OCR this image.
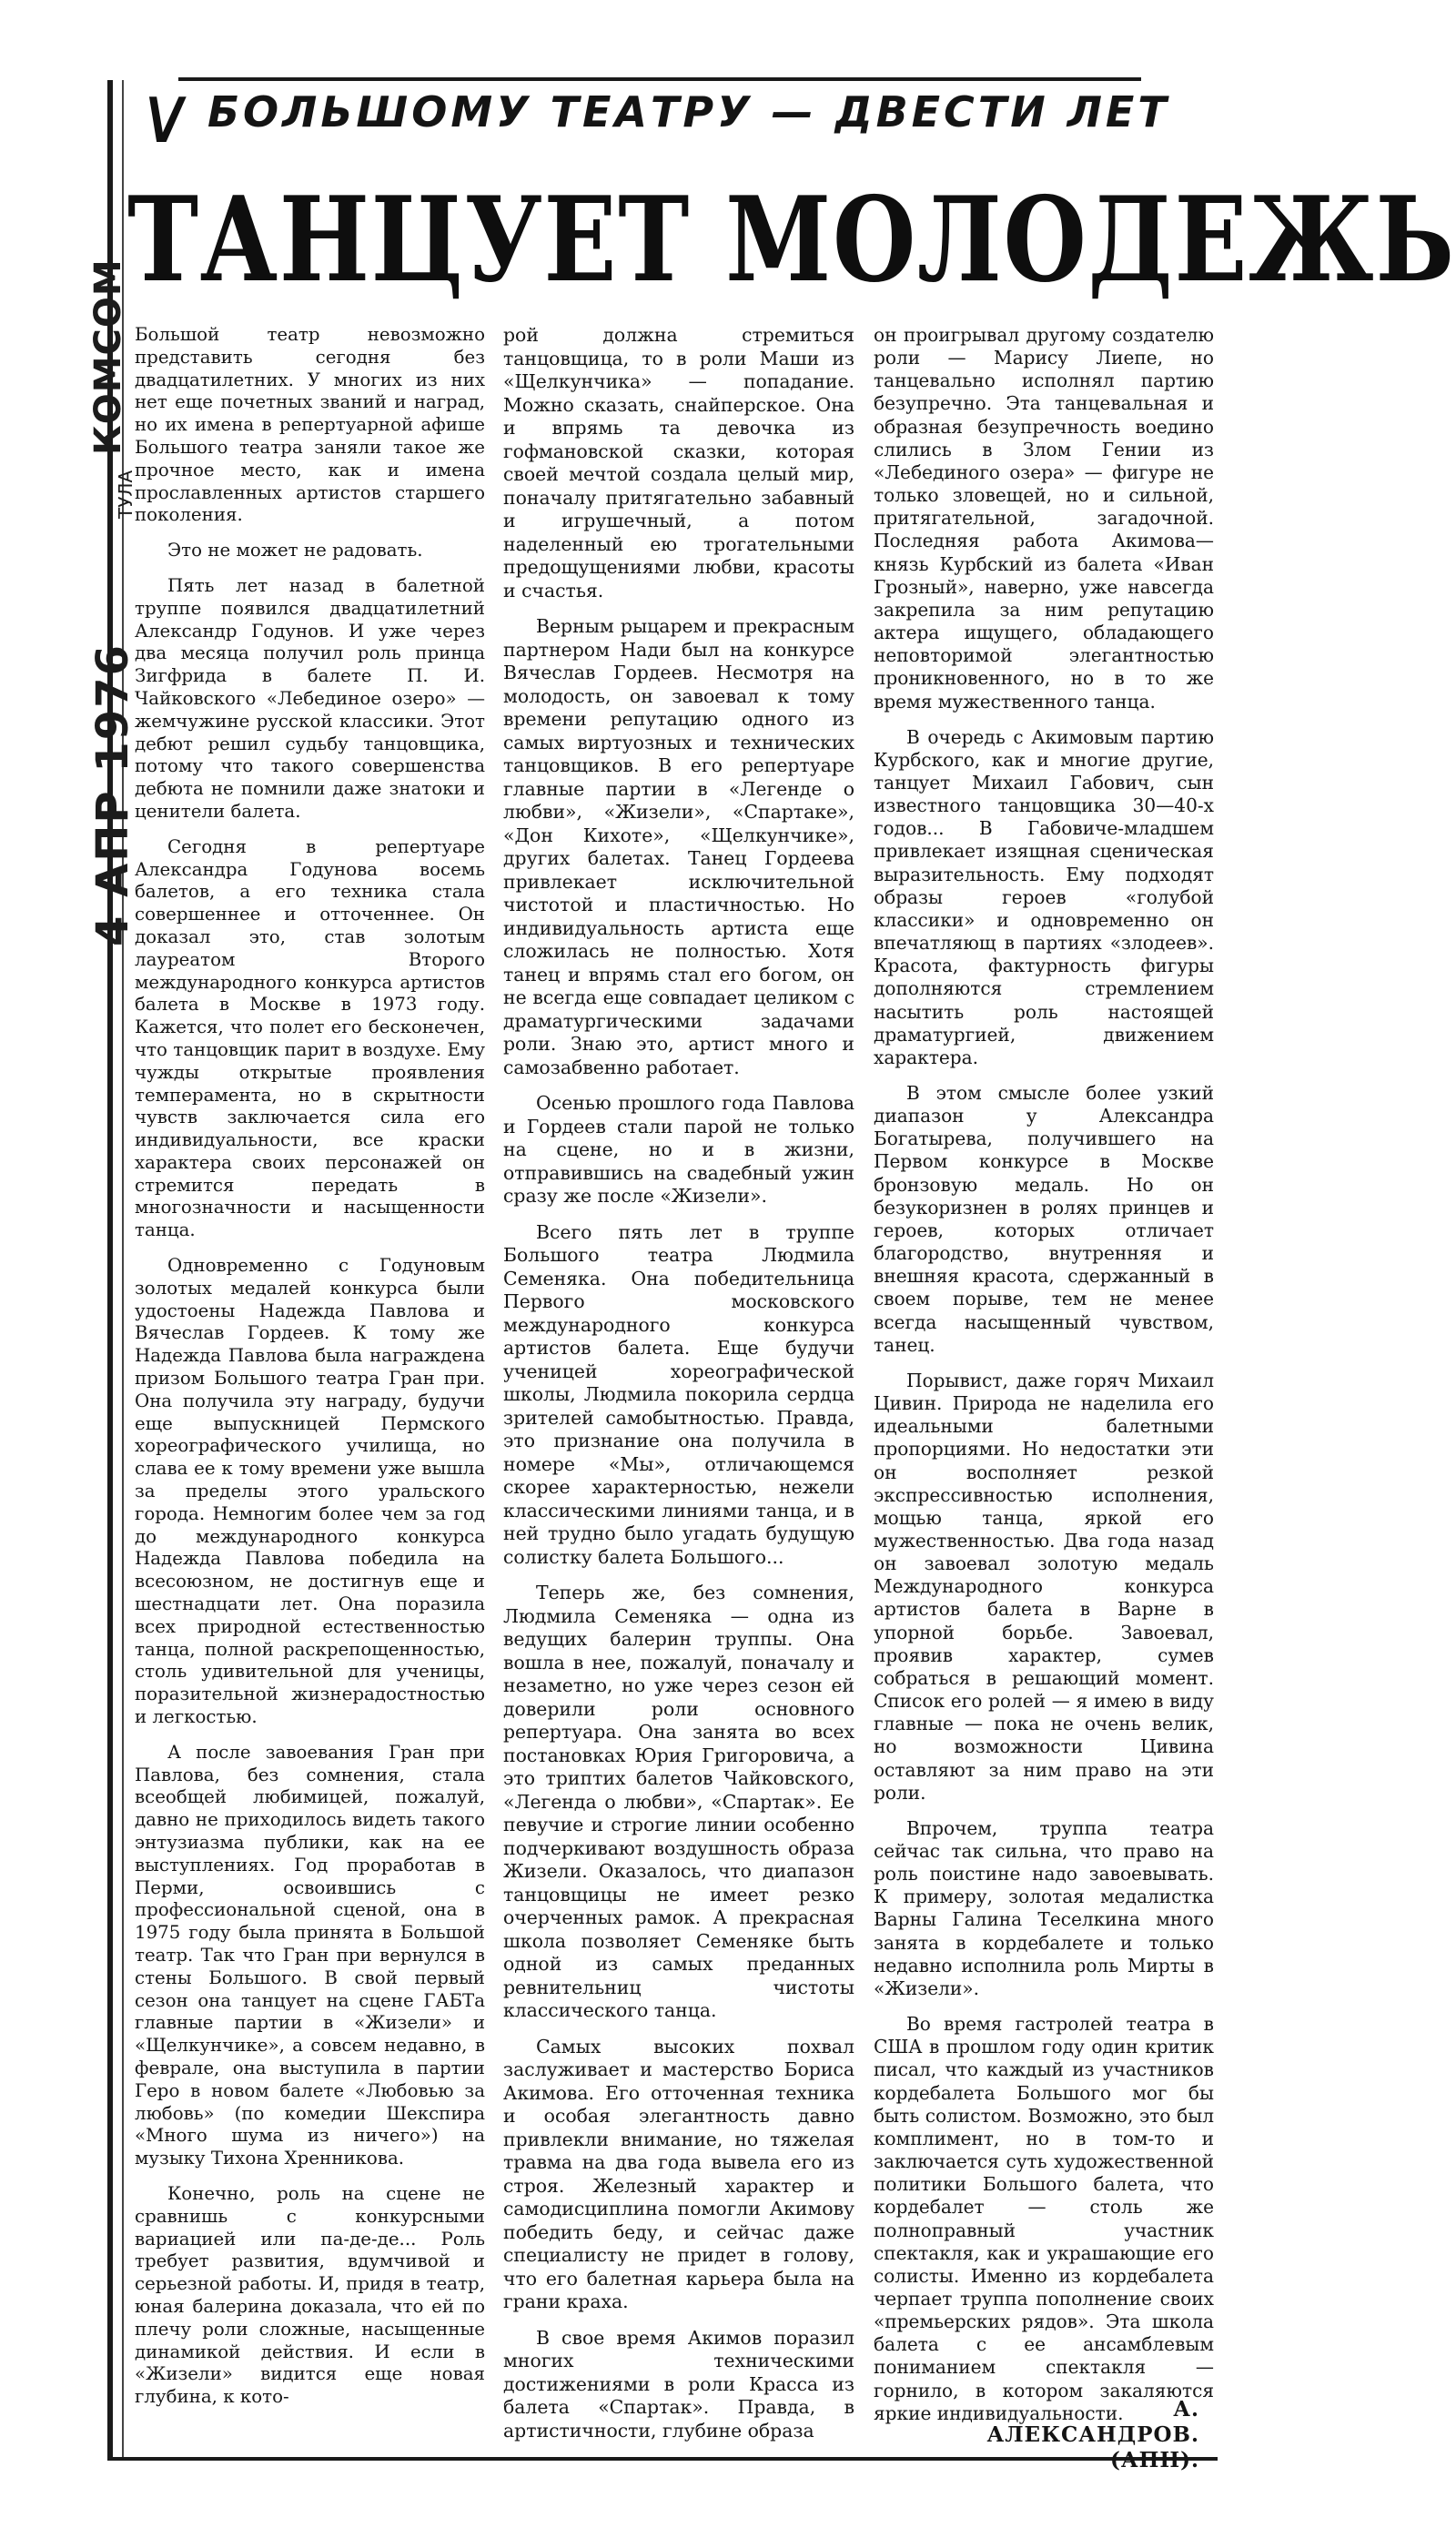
∨ БОЛЬШОМУ ТЕАТРУ — ДВЕСТИ ЛЕТ
ТАНЦУЕТ МОЛОДЕЖЬ
КОМСОМ
ТУЛА
4 АПР 1976

Большой театр невозможно представить сегодня без двадцатилетних. У многих из них нет еще почетных званий и наград, но их имена в репертуарной афише Большого театра заняли такое же прочное место, как и имена прославленных артистов старшего поколения.

Это не может не радовать.

Пять лет назад в балетной труппе появился двадцатилетний Александр Годунов. И уже через два месяца получил роль принца Зигфрида в балете П. И. Чайковского «Лебединое озеро» — жемчужине русской классики. Этот дебют решил судьбу танцовщика, потому что такого совершенства дебюта не помнили даже знатоки и ценители балета.

Сегодня в репертуаре Александра Годунова восемь балетов, а его техника стала совершеннее и отточеннее. Он доказал это, став золотым лауреатом Второго международного конкурса артистов балета в Москве в 1973 году. Кажется, что полет его бесконечен, что танцовщик парит в воздухе. Ему чужды открытые проявления темперамента, но в скрытности чувств заключается сила его индивидуальности, все краски характера своих персонажей он стремится передать в многозначности и насыщенности танца.

Одновременно с Годуновым золотых медалей конкурса были удостоены Надежда Павлова и Вячеслав Гордеев. К тому же Надежда Павлова была награждена призом Большого театра Гран при. Она получила эту награду, будучи еще выпускницей Пермского хореографического училища, но слава ее к тому времени уже вышла за пределы этого уральского города. Немногим более чем за год до международного конкурса Надежда Павлова победила на всесоюзном, не достигнув еще и шестнадцати лет. Она поразила всех природной естественностью танца, полной раскрепощенностью, столь удивительной для ученицы, поразительной жизнерадостностью и легкостью.

А после завоевания Гран при Павлова, без сомнения, стала всеобщей любимицей, пожалуй, давно не приходилось видеть такого энтузиазма публики, как на ее выступлениях. Год проработав в Перми, освоившись с профессиональной сценой, она в 1975 году была принята в Большой театр. Так что Гран при вернулся в стены Большого. В свой первый сезон она танцует на сцене ГАБТа главные партии в «Жизели» и «Щелкунчике», а совсем недавно, в феврале, она выступила в партии Геро в новом балете «Любовью за любовь» (по комедии Шекспира «Много шума из ничего») на музыку Тихона Хренникова.

Конечно, роль на сцене не сравнишь с конкурсными вариацией или па-де-де... Роль требует развития, вдумчивой и серьезной работы. И, придя в театр, юная балерина доказала, что ей по плечу роли сложные, насыщенные динамикой действия. И если в «Жизели» видится еще новая глубина, к кото-

рой должна стремиться танцовщица, то в роли Маши из «Щелкунчика» — попадание. Можно сказать, снайперское. Она и впрямь та девочка из гофмановской сказки, которая своей мечтой создала целый мир, поначалу притягательно забавный и игрушечный, а потом наделенный ею трогательными предощущениями любви, красоты и счастья.

Верным рыцарем и прекрасным партнером Нади был на конкурсе Вячеслав Гордеев. Несмотря на молодость, он завоевал к тому времени репутацию одного из самых виртуозных и технических танцовщиков. В его репертуаре главные партии в «Легенде о любви», «Жизели», «Спартаке», «Дон Кихоте», «Щелкунчике», других балетах. Танец Гордеева привлекает исключительной чистотой и пластичностью. Но индивидуальность артиста еще сложилась не полностью. Хотя танец и впрямь стал его богом, он не всегда еще совпадает целиком с драматургическими задачами роли. Знаю это, артист много и самозабвенно работает.

Осенью прошлого года Павлова и Гордеев стали парой не только на сцене, но и в жизни, отправившись на свадебный ужин сразу же после «Жизели».

Всего пять лет в труппе Большого театра Людмила Семеняка. Она победительница Первого московского международного конкурса артистов балета. Еще будучи ученицей хореографической школы, Людмила покорила сердца зрителей самобытностью. Правда, это признание она получила в номере «Мы», отличающемся скорее характерностью, нежели классическими линиями танца, и в ней трудно было угадать будущую солистку балета Большого...

Теперь же, без сомнения, Людмила Семеняка — одна из ведущих балерин труппы. Она вошла в нее, пожалуй, поначалу и незаметно, но уже через сезон ей доверили роли основного репертуара. Она занята во всех постановках Юрия Григоровича, а это триптих балетов Чайковского, «Легенда о любви», «Спартак». Ее певучие и строгие линии особенно подчеркивают воздушность образа Жизели. Оказалось, что диапазон танцовщицы не имеет резко очерченных рамок. А прекрасная школа позволяет Семеняке быть одной из самых преданных ревнительниц чистоты классического танца.

Самых высоких похвал заслуживает и мастерство Бориса Акимова. Его отточенная техника и особая элегантность давно привлекли внимание, но тяжелая травма на два года вывела его из строя. Железный характер и самодисциплина помогли Акимову победить беду, и сейчас даже специалисту не придет в голову, что его балетная карьера была на грани краха.

В свое время Акимов поразил многих техническими достижениями в роли Красса из балета «Спартак». Правда, в артистичности, глубине образа

он проигрывал другому создателю роли — Марису Лиепе, но танцевально исполнял партию безупречно. Эта танцевальная и образная безупречность воедино слились в Злом Гении из «Лебединого озера» — фигуре не только зловещей, но и сильной, притягательной, загадочной. Последняя работа Акимова—князь Курбский из балета «Иван Грозный», наверно, уже навсегда закрепила за ним репутацию актера ищущего, обладающего неповторимой элегантностью проникновенного, но в то же время мужественного танца.

В очередь с Акимовым партию Курбского, как и многие другие, танцует Михаил Габович, сын известного танцовщика 30—40-х годов... В Габовиче-младшем привлекает изящная сценическая выразительность. Ему подходят образы героев «голубой классики» и одновременно он впечатляющ в партиях «злодеев». Красота, фактурность фигуры дополняются стремлением насытить роль настоящей драматургией, движением характера.

В этом смысле более узкий диапазон у Александра Богатырева, получившего на Первом конкурсе в Москве бронзовую медаль. Но он безукоризнен в ролях принцев и героев, которых отличает благородство, внутренняя и внешняя красота, сдержанный в своем порыве, тем не менее всегда насыщенный чувством, танец.

Порывист, даже горяч Михаил Цивин. Природа не наделила его идеальными балетными пропорциями. Но недостатки эти он восполняет резкой экспрессивностью исполнения, мощью танца, яркой его мужественностью. Два года назад он завоевал золотую медаль Международного конкурса артистов балета в Варне в упорной борьбе. Завоевал, проявив характер, сумев собраться в решающий момент. Список его ролей — я имею в виду главные — пока не очень велик, но возможности Цивина оставляют за ним право на эти роли.

Впрочем, труппа театра сейчас так сильна, что право на роль поистине надо завоевывать. К примеру, золотая медалистка Варны Галина Теселкина много занята в кордебалете и только недавно исполнила роль Мирты в «Жизели».

Во время гастролей театра в США в прошлом году один критик писал, что каждый из участников кордебалета Большого мог бы быть солистом. Возможно, это был комплимент, но в том-то и заключается суть художественной политики Большого балета, что кордебалет — столь же полноправный участник спектакля, как и украшающие его солисты. Именно из кордебалета черпает труппа пополнение своих «премьерских рядов». Эта школа балета с ее ансамблевым пониманием спектакля — горнило, в котором закаляются яркие индивидуальности.	А. АЛЕКСАНДРОВ.
(АПН).
